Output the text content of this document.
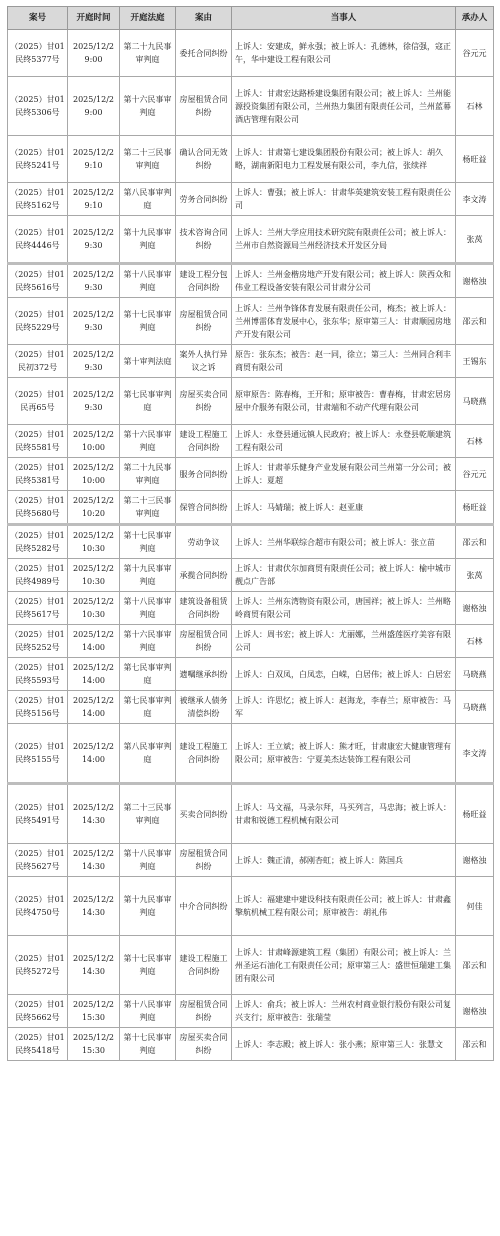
案号	开庭时间	开庭法庭	案由	当事人	承办人
（2025）甘01民终5377号	2025/12/2 9:00	第二十九民事审判庭	委托合同纠纷	上诉人：安建成，鲜永强；被上诉人：孔德林，徐信强，寇正午，华中建设工程有限公司	谷元元
（2025）甘01民终5306号	2025/12/2 9:00	第十六民事审判庭	房屋租赁合同纠纷	上诉人：甘肃宏达路桥建设集团有限公司；被上诉人：兰州能源投资集团有限公司，兰州热力集团有限责任公司，兰州蓝幕酒店管理有限公司	石林
（2025）甘01民终5241号	2025/12/2 9:10	第二十三民事审判庭	确认合同无效纠纷	上诉人：甘肃第七建设集团股份有限公司；被上诉人：胡久略，湖南新阳电力工程发展有限公司，李九信，张续祥	杨旺益
（2025）甘01民终5162号	2025/12/2 9:10	第八民事审判庭	劳务合同纠纷	上诉人：曹强；被上诉人：甘肃华英建筑安装工程有限责任公司	李文涛
（2025）甘01民终4446号	2025/12/2 9:30	第十九民事审判庭	技术咨询合同纠纷	上诉人：兰州大学应用技术研究院有限责任公司；被上诉人：兰州市自然资源局兰州经济技术开发区分局	张莴
（2025）甘01民终5616号	2025/12/2 9:30	第十八民事审判庭	建设工程分包合同纠纷	上诉人：兰州金楷房地产开发有限公司；被上诉人：陕西众和伟业工程设备安装有限公司甘肃分公司	谢格浊
（2025）甘01民终5229号	2025/12/2 9:30	第十七民事审判庭	房屋租赁合同纠纷	上诉人：兰州争锋体育发展有限责任公司，梅杰；被上诉人：兰州博雷体育发展中心，张东华；原审第三人：甘肃顺园房地产开发有限公司	邵云和
（2025）甘01民初372号	2025/12/2 9:30	第十审判法庭	案外人执行异议之诉	原告：张东杰；被告：赵一同，徐立；第三人：兰州同合利丰商贸有限公司	王锡东
（2025）甘01民再65号	2025/12/2 9:30	第七民事审判庭	房屋买卖合同纠纷	原审原告：陈春梅，王开和；原审被告：曹春梅，甘肃宏居房屋中介服务有限公司，甘肃端和不动产代理有限公司	马晓燕
（2025）甘01民终5581号	2025/12/2 10:00	第十六民事审判庭	建设工程施工合同纠纷	上诉人：永登县通远镇人民政府；被上诉人：永登县乾顺建筑工程有限公司	石林
（2025）甘01民终5381号	2025/12/2 10:00	第二十九民事审判庭	服务合同纠纷	上诉人：甘肃菲乐健身产业发展有限公司兰州第一分公司；被上诉人：夏超	谷元元
（2025）甘01民终5680号	2025/12/2 10:20	第二十三民事审判庭	保管合同纠纷	上诉人：马婧瑞；被上诉人：赵亚康	杨旺益
（2025）甘01民终5282号	2025/12/2 10:30	第十七民事审判庭	劳动争议	上诉人：兰州华联综合超市有限公司；被上诉人：张立苗	邵云和
（2025）甘01民终4989号	2025/12/2 10:30	第十九民事审判庭	承揽合同纠纷	上诉人：甘肃伏尔加商贸有限责任公司；被上诉人：榆中城市靓点广告部	张莴
（2025）甘01民终5617号	2025/12/2 10:30	第十八民事审判庭	建筑设备租赁合同纠纷	上诉人：兰州东湾物资有限公司，唐国祥；被上诉人：兰州略岭商贸有限公司	谢格浊
（2025）甘01民终5252号	2025/12/2 14:00	第十六民事审判庭	房屋租赁合同纠纷	上诉人：周书宏；被上诉人：尤丽娜，兰州盛莲医疗美容有限公司	石林
（2025）甘01民终5593号	2025/12/2 14:00	第七民事审判庭	遗嘱继承纠纷	上诉人：白双凤，白凤恋，白嵘，白居伟；被上诉人：白居宏	马晓燕
（2025）甘01民终5156号	2025/12/2 14:00	第七民事审判庭	被继承人债务清偿纠纷	上诉人：许思忆；被上诉人：赵海龙，李春兰；原审被告：马军	马晓燕
（2025）甘01民终5155号	2025/12/2 14:00	第八民事审判庭	建设工程施工合同纠纷	上诉人：王立斌；被上诉人：熊才旺，甘肃康宏大健康管理有限公司；原审被告：宁夏美杰达装饰工程有限公司	李文涛
（2025）甘01民终5491号	2025/12/2 14:30	第二十三民事审判庭	买卖合同纠纷	上诉人：马文福，马录尔拜，马买列言，马忠海；被上诉人：甘肃和锐德工程机械有限公司	杨旺益
（2025）甘01民终5627号	2025/12/2 14:30	第十八民事审判庭	房屋租赁合同纠纷	上诉人：魏正清，郝刚杏虹；被上诉人：陈国兵	谢格浊
（2025）甘01民终4750号	2025/12/2 14:30	第十九民事审判庭	中介合同纠纷	上诉人：福建建中建设科技有限责任公司；被上诉人：甘肃鑫擎航机械工程有限公司；原审被告：胡礼伟	何佳
（2025）甘01民终5272号	2025/12/2 14:30	第十七民事审判庭	建设工程施工合同纠纷	上诉人：甘肃峰源建筑工程（集团）有限公司；被上诉人：兰州圣运石油化工有限责任公司；原审第三人：盛世恒瑞建工集团有限公司	邵云和
（2025）甘01民终5662号	2025/12/2 15:30	第十八民事审判庭	房屋租赁合同纠纷	上诉人：俞兵；被上诉人：兰州农村商业银行股份有限公司复兴支行；原审被告：张瑞莹	谢格浊
（2025）甘01民终5418号	2025/12/2 15:30	第十七民事审判庭	房屋买卖合同纠纷	上诉人：李志殿；被上诉人：张小燕；原审第三人：张慧文	邵云和
